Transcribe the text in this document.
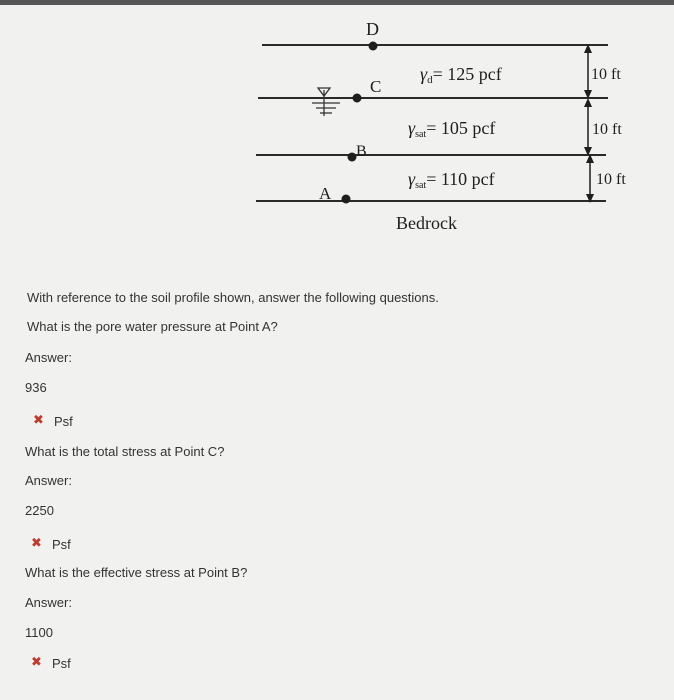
D
C
B
A
γd= 125 pcf
γsat= 105 pcf
γsat= 110 pcf
Bedrock
10 ft
10 ft
10 ft
With reference to the soil profile shown, answer the following questions.
What is the pore water pressure at Point A?
Answer:
936
✖ Psf
What is the total stress at Point C?
Answer:
2250
✖ Psf
What is the effective stress at Point B?
Answer:
1100
✖ Psf
